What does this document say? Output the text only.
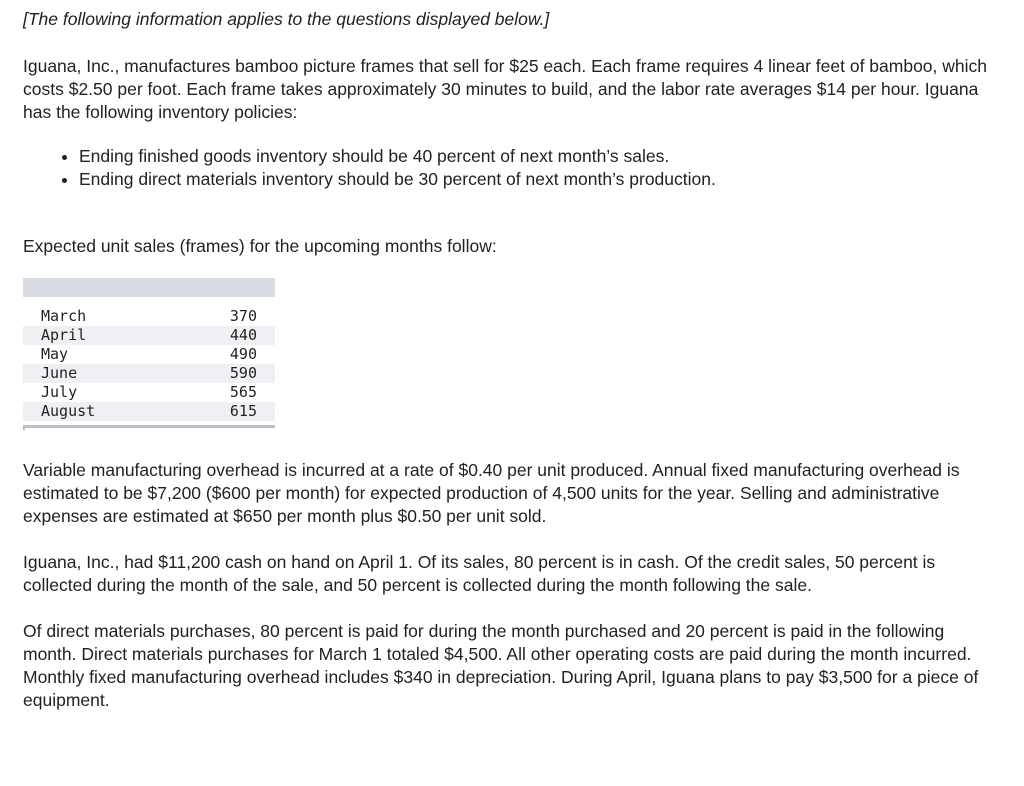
[The following information applies to the questions displayed below.]

Iguana, Inc., manufactures bamboo picture frames that sell for $25 each. Each frame requires 4 linear feet of bamboo, which costs $2.50 per foot. Each frame takes approximately 30 minutes to build, and the labor rate averages $14 per hour. Iguana has the following inventory policies:

• Ending finished goods inventory should be 40 percent of next month’s sales.
• Ending direct materials inventory should be 30 percent of next month’s production.

Expected unit sales (frames) for the upcoming months follow:

March	370
April	440
May	490
June	590
July	565
August	615

Variable manufacturing overhead is incurred at a rate of $0.40 per unit produced. Annual fixed manufacturing overhead is estimated to be $7,200 ($600 per month) for expected production of 4,500 units for the year. Selling and administrative expenses are estimated at $650 per month plus $0.50 per unit sold.

Iguana, Inc., had $11,200 cash on hand on April 1. Of its sales, 80 percent is in cash. Of the credit sales, 50 percent is collected during the month of the sale, and 50 percent is collected during the month following the sale.

Of direct materials purchases, 80 percent is paid for during the month purchased and 20 percent is paid in the following month. Direct materials purchases for March 1 totaled $4,500. All other operating costs are paid during the month incurred. Monthly fixed manufacturing overhead includes $340 in depreciation. During April, Iguana plans to pay $3,500 for a piece of equipment.
